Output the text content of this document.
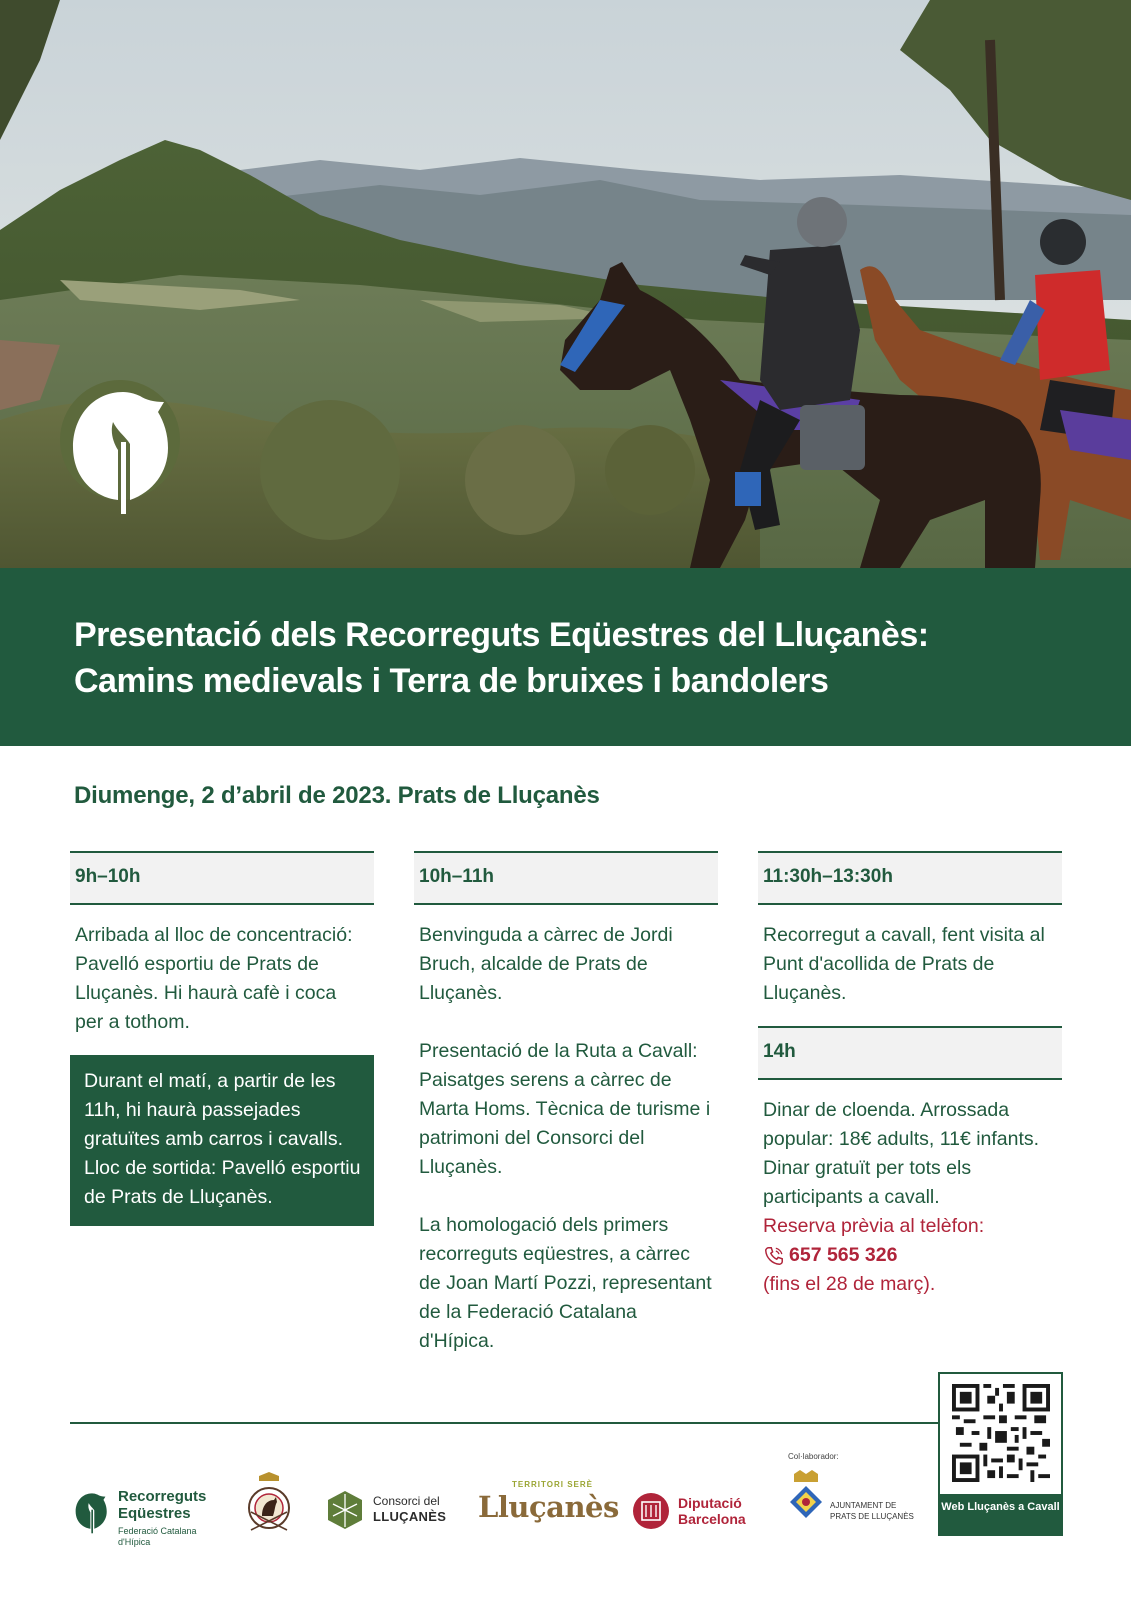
Presentació dels Recorreguts Eqüestres del Lluçanès:
Camins medievals i Terra de bruixes i bandolers
Diumenge, 2 d’abril de 2023. Prats de Lluçanès
9h–10h
Arribada al lloc de concentració: Pavelló esportiu de Prats de Lluçanès. Hi haurà cafè i coca per a tothom.
Durant el matí, a partir de les 11h, hi haurà passejades gratuïtes amb carros i cavalls. Lloc de sortida: Pavelló esportiu de Prats de Lluçanès.
10h–11h

Benvinguda a càrrec de Jordi Bruch, alcalde de Prats de Lluçanès.

Presentació de la Ruta a Cavall: Paisatges serens a càrrec de Marta Homs. Tècnica de turisme i patrimoni del Consorci del Lluçanès.

La homologació dels primers recorreguts eqüestres, a càrrec de Joan Martí Pozzi, representant de la Federació Catalana d'Hípica.

11:30h–13:30h
Recorregut a cavall, fent visita al Punt d'acollida de Prats de Lluçanès.
14h
Dinar de cloenda. Arrossada popular: 18€ adults, 11€ infants. Dinar gratuït per tots els participants a cavall.
Reserva prèvia al telèfon:
657 565 326
(fins el 28 de març).
Web Lluçanès a Cavall
Recorreguts
Eqüestres
Federació Catalana
d'Hípica
Consorci del
LLUÇANÈS
TERRITORI SERÈ
Lluçanès	Diputació
Barcelona
Col·laborador:
AJUNTAMENT DE
PRATS DE LLUÇANÈS
